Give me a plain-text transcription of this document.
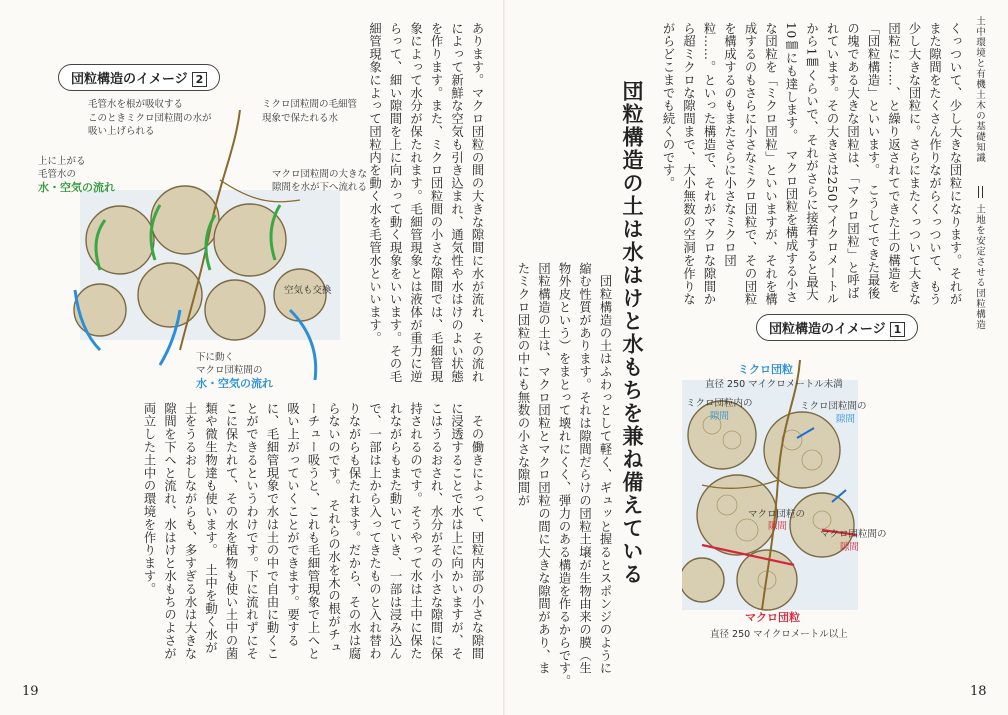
土中環境と有機土木の基礎知識
土地を安定させる団粒構造
くっついて、少し大きな団粒になります。それがまた隙間をたくさん作りながらくっついて、もう少し大きな団粒に。さらにまたくっついて大きな団粒に……、と繰り返されてできた土の構造を「団粒構造」といいます。　こうしてできた最後の塊である大きな団粒は、「マクロ団粒」と呼ばれています。その大きさは250マイクロメートルから1㎜くらいで、それがさらに接着すると最大10㎜にも達します。　マクロ団粒を構成する小さな団粒を「ミクロ団粒」といいますが、それを構成するのもさらに小さなミクロ団粒で、その団粒を構成するのもまたさらに小さなミクロ団粒……。といった構造で、それがマクロな隙間から超ミクロな隙間まで、大小無数の空洞を作りながらどこまでも続くのです。
団粒構造の土は水はけと水もちを兼ね備えている
　団粒構造の土はふわっとして軽く、ギュッと握るとスポンジのように縮む性質があります。それは隙間だらけの団粒土壌が生物由来の膜（生物外皮という）をまとって壊れにくく、弾力のある構造を作るからです。　団粒構造の土は、マクロ団粒とマクロ団粒の間に大きな隙間があり、またミクロ団粒の中にも無数の小さな隙間が	団粒構造のイメージ 1
ミクロ団粒
直径 250 マイクロメートル未満
ミクロ団粒内の
隙間
ミクロ団粒間の
隙間
マクロ団粒の
隙間
マクロ団粒間の
隙間
マクロ団粒
直径 250 マイクロメートル以上
18
あります。マクロ団粒の間の大きな隙間に水が流れ、その流れによって新鮮な空気も引き込まれ、通気性や水はけのよい状態を作ります。また、ミクロ団粒間の小さな隙間では、毛細管現象によって水分が保たれます。毛細管現象とは液体が重力に逆らって、細い隙間を上に向かって動く現象をいいます。その毛細管現象によって団粒内を動く水を毛管水といいます。
　その働きによって、団粒内部の小さな隙間に浸透することで水は上に向かいますが、そこはうるおされ、水分がその小さな隙間に保持されるのです。そうやって水は土中に保たれながらもまた動いていき、一部は浸み込んで、一部は上から入ってきたものと入れ替わりながらも保たれます。だから、その水は腐らないのです。　それらの水を木の根がチューチュー吸うと、これも毛細管現象で上へと吸い上がっていくことができます。要するに、毛細管現象で水は土の中で自由に動くことができるというわけです。下に流れずにそこに保たれて、その水を植物も使い土中の菌類や微生物達も使います。　土中を動く水が土をうるおしながらも、多すぎる水は大きな隙間を下へと流れ、水はけと水もちのよさが両立した土中の環境を作ります。
団粒構造のイメージ 2
毛管水を根が吸収する
このときミクロ団粒間の水が
吸い上げられる
上に上がる
毛管水の
水・空気の流れ
ミクロ団粒間の毛細管
現象で保たれる水
マクロ団粒間の大きな
隙間を水が下へ流れる
空気も交換
下に動く
マクロ団粒間の
水・空気の流れ
19
